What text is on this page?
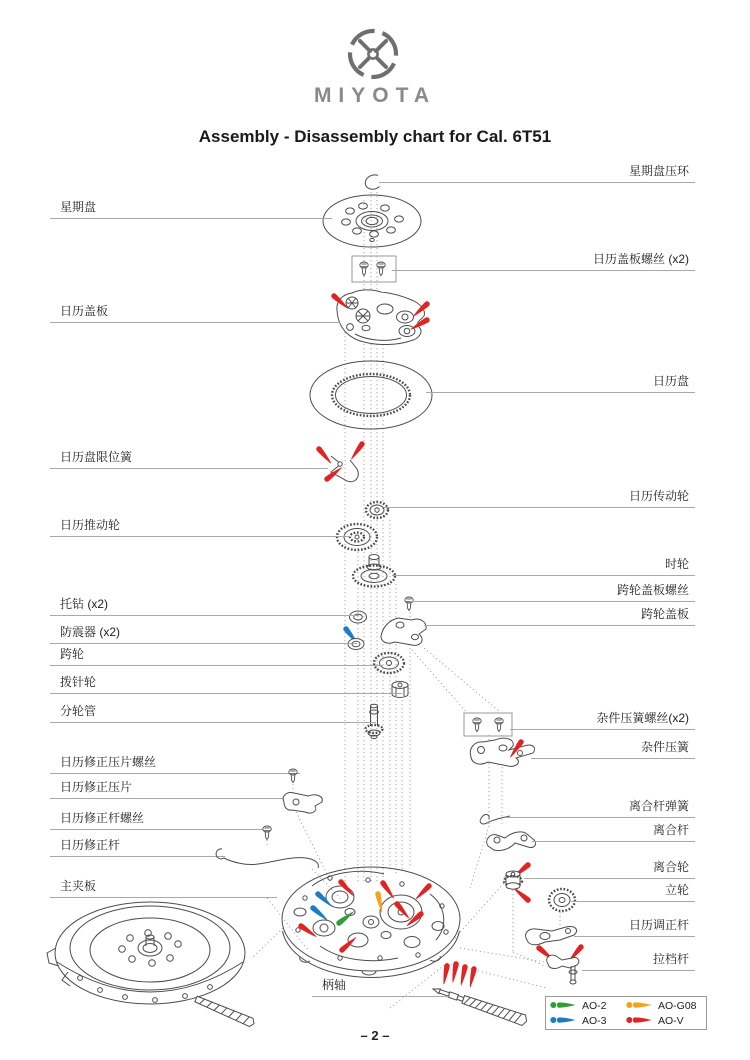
MIYOTA
Assembly - Disassembly chart for Cal. 6T51
星期盘
日历盖板
日历盘限位簧
日历推动轮
托钻 (x2)
防震器 (x2)
跨轮
拨针轮
分轮管
日历修正压片螺丝
日历修正压片
日历修正杆螺丝
日历修正杆
主夹板
柄轴
星期盘压环
日历盖板螺丝 (x2)
日历盘
日历传动轮
时轮
跨轮盖板螺丝
跨轮盖板
杂件压簧螺丝(x2)
杂件压簧
离合杆弹簧
离合杆
离合轮
立轮
日历调正杆
拉档杆
AO-2	AO-G08
AO-3	AO-V
– 2 –
